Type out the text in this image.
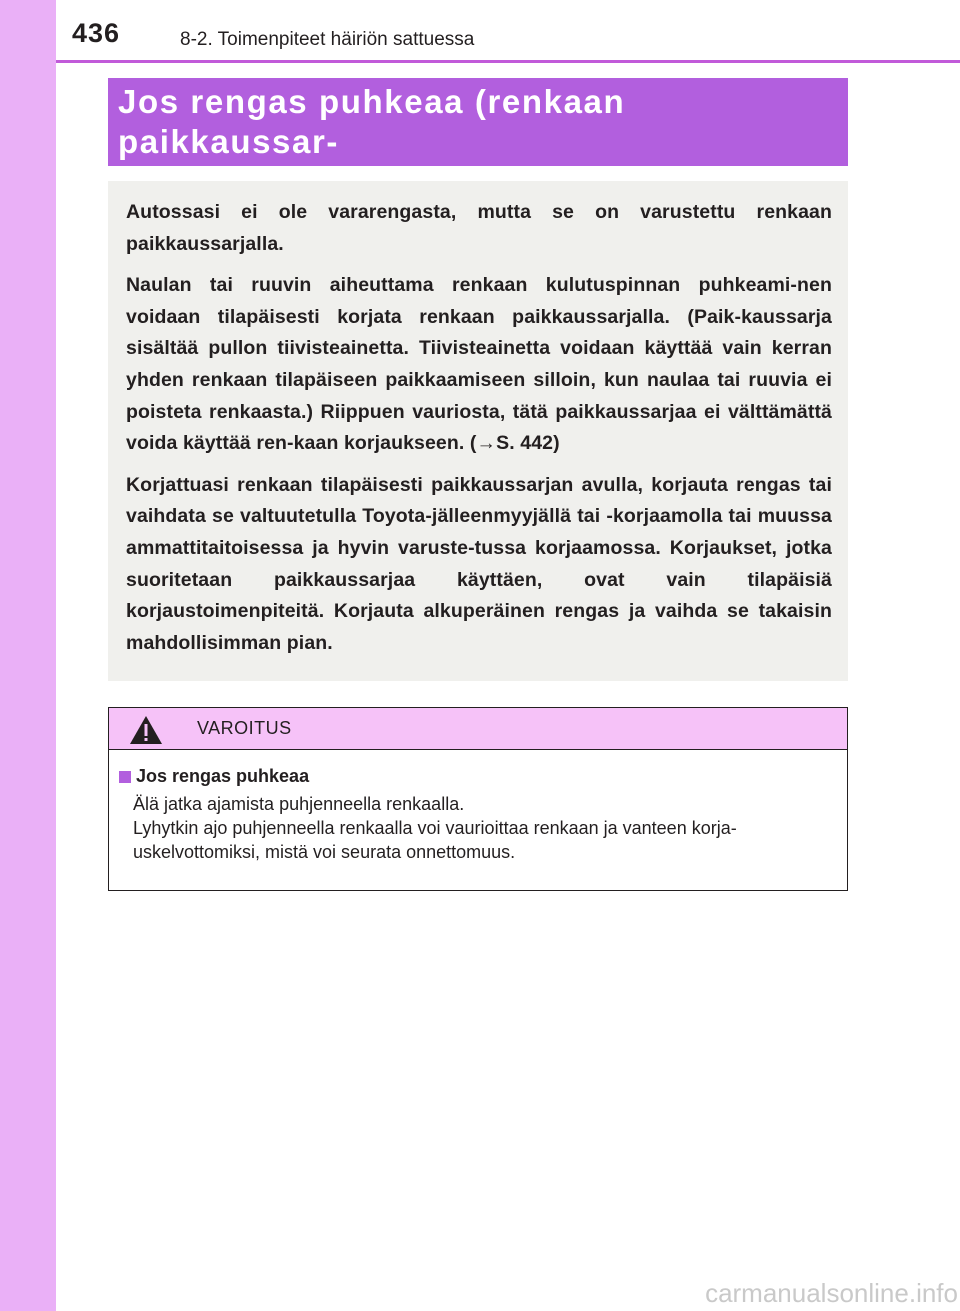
436	8-2. Toimenpiteet häiriön sattuessa
Jos rengas puhkeaa (renkaan paikkaussar-

Autossasi ei ole vararengasta, mutta se on varustettu renkaan paikkaussarjalla.

Naulan tai ruuvin aiheuttama renkaan kulutuspinnan puhkeami-nen voidaan tilapäisesti korjata renkaan paikkaussarjalla. (Paik-kaussarja sisältää pullon tiivisteainetta. Tiivisteainetta voidaan käyttää vain kerran yhden renkaan tilapäiseen paikkaamiseen silloin, kun naulaa tai ruuvia ei poisteta renkaasta.) Riippuen vauriosta, tätä paikkaussarjaa ei välttämättä voida käyttää ren-kaan korjaukseen. (→S. 442)

Korjattuasi renkaan tilapäisesti paikkaussarjan avulla, korjauta rengas tai vaihdata se valtuutetulla Toyota-jälleenmyyjällä tai -korjaamolla tai muussa ammattitaitoisessa ja hyvin varuste-tussa korjaamossa. Korjaukset, jotka suoritetaan paikkaussarjaa käyttäen, ovat vain tilapäisiä korjaustoimenpiteitä. Korjauta alkuperäinen rengas ja vaihda se takaisin mahdollisimman pian.

VAROITUS
Jos rengas puhkeaa
Älä jatka ajamista puhjenneella renkaalla.
Lyhytkin ajo puhjenneella renkaalla voi vaurioittaa renkaan ja vanteen korja-
uskelvottomiksi, mistä voi seurata onnettomuus.
carmanualsonline.info
